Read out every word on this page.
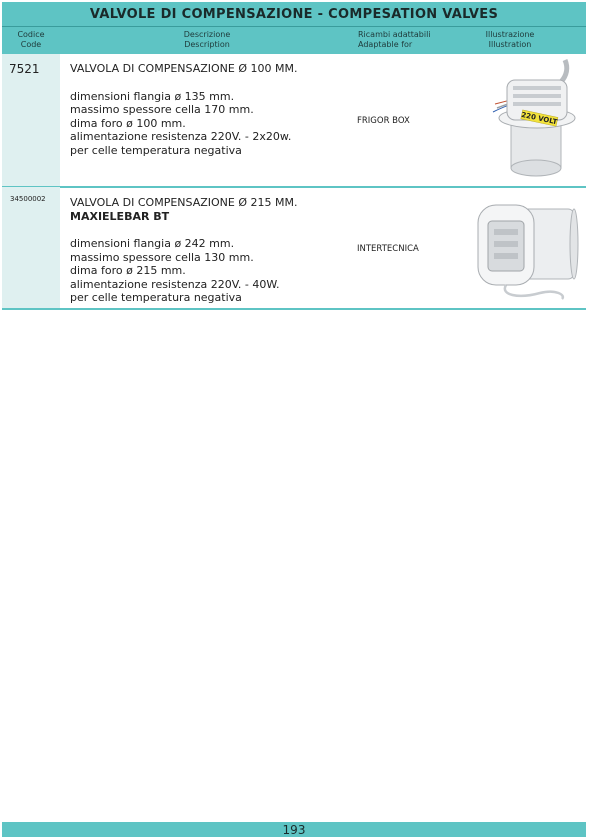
VALVOLE DI COMPENSAZIONE - COMPESATION VALVES
Codice
Code
Descrizione
Description
Ricambi adattabili
Adaptable for
Illustrazione
Illustration
7521	VALVOLA DI COMPENSAZIONE Ø 100 MM.
dimensioni flangia ø 135 mm.
massimo spessore cella 170 mm.
dima foro ø 100 mm.
alimentazione resistenza 220V. - 2x20w.
per celle temperatura negativa
FRIGOR BOX	220 VOLT
34500002 VALVOLA DI COMPENSAZIONE Ø 215 MM.
MAXIELEBAR BT
dimensioni flangia ø 242 mm.
massimo spessore cella 130 mm.
dima foro ø 215 mm.
alimentazione resistenza 220V. - 40W.
per celle temperatura negativa
INTERTECNICA
193
